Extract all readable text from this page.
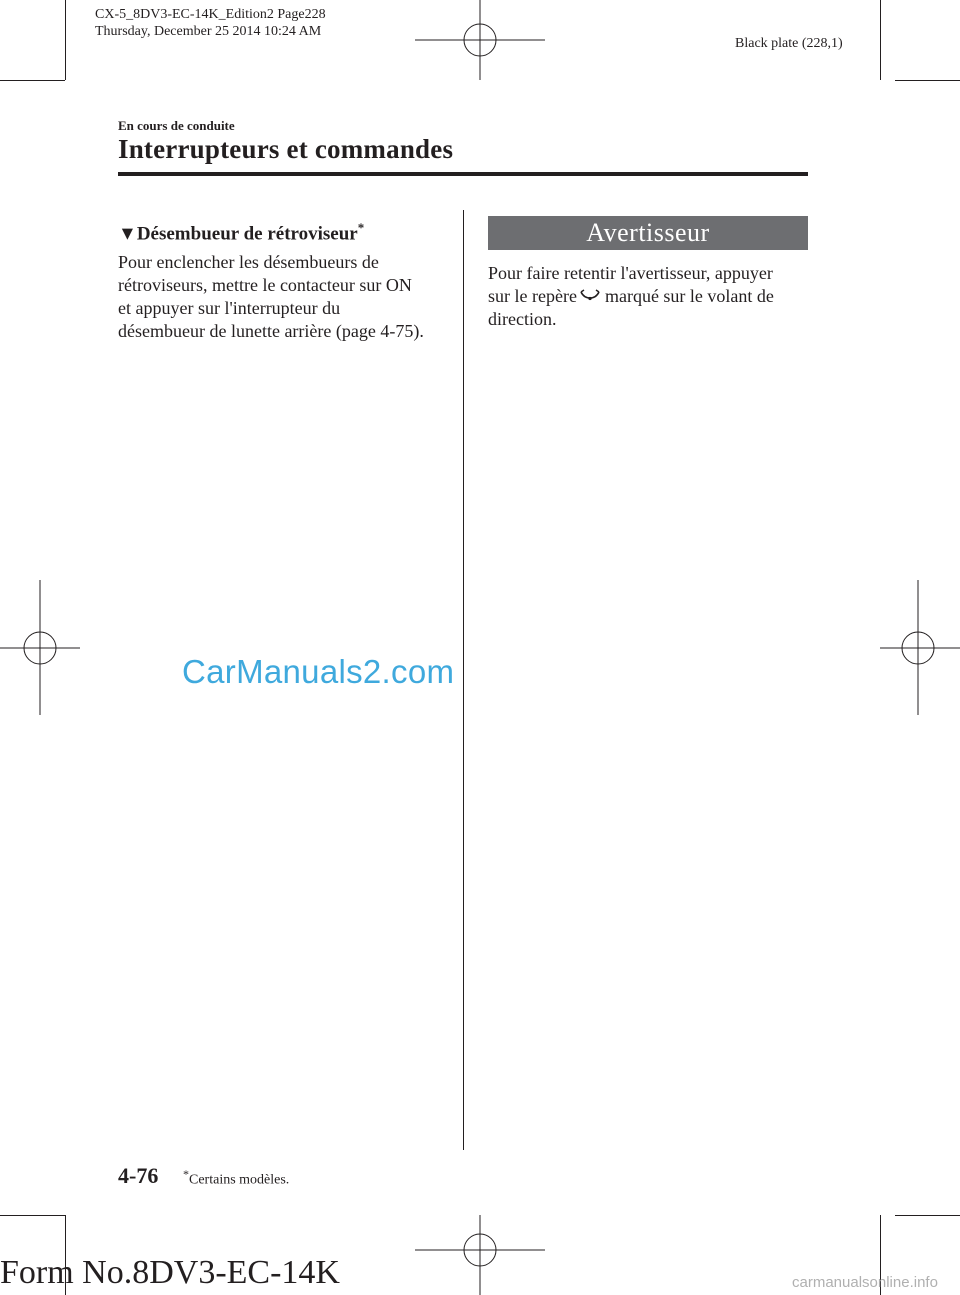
CX-5_8DV3-EC-14K_Edition2 Page228
Thursday, December 25 2014 10:24 AM
Black plate (228,1)
En cours de conduite
Interrupteurs et commandes
▼Désembueur de rétroviseur*
Pour enclencher les désembueurs de
rétroviseurs, mettre le contacteur sur ON
et appuyer sur l'interrupteur du
désembueur de lunette arrière (page 4-75).
Avertisseur
Pour faire retentir l'avertisseur, appuyer
sur le repère marqué sur le volant de
direction.
CarManuals2.com
4-76 *Certains modèles.
Form No.8DV3-EC-14K	carmanualsonline.info
